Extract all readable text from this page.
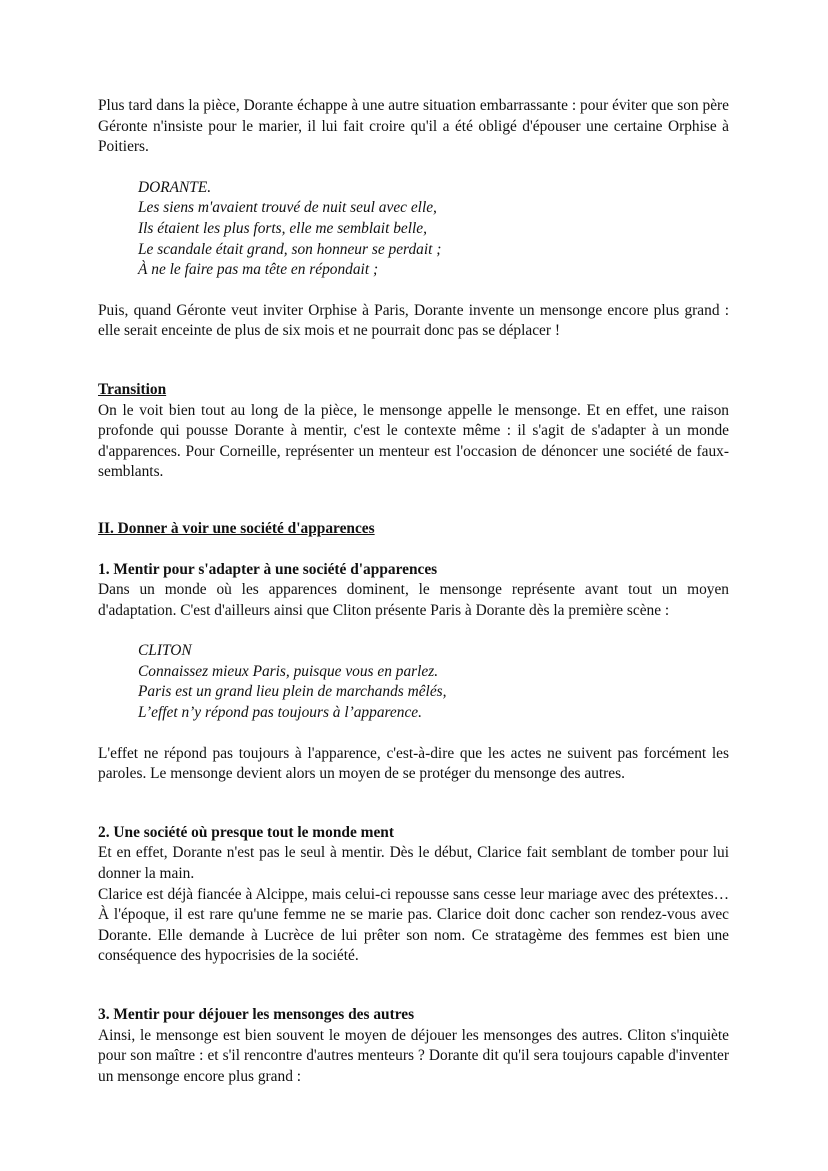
Plus tard dans la pièce, Dorante échappe à une autre situation embarrassante : pour éviter que son père Géronte n'insiste pour le marier, il lui fait croire qu'il a été obligé d'épouser une certaine Orphise à Poitiers.

DORANTE.
Les siens m'avaient trouvé de nuit seul avec elle,
Ils étaient les plus forts, elle me semblait belle,
Le scandale était grand, son honneur se perdait ;
À ne le faire pas ma tête en répondait ;

Puis, quand Géronte veut inviter Orphise à Paris, Dorante invente un mensonge encore plus grand : elle serait enceinte de plus de six mois et ne pourrait donc pas se déplacer !

Transition

On le voit bien tout au long de la pièce, le mensonge appelle le mensonge. Et en effet, une raison profonde qui pousse Dorante à mentir, c'est le contexte même : il s'agit de s'adapter à un monde d'apparences. Pour Corneille, représenter un menteur est l'occasion de dénoncer une société de faux-semblants.

II. Donner à voir une société d'apparences

1. Mentir pour s'adapter à une société d'apparences

Dans un monde où les apparences dominent, le mensonge représente avant tout un moyen d'adaptation. C'est d'ailleurs ainsi que Cliton présente Paris à Dorante dès la première scène :

CLITON
Connaissez mieux Paris, puisque vous en parlez.
Paris est un grand lieu plein de marchands mêlés,
L’effet n’y répond pas toujours à l’apparence.

L'effet ne répond pas toujours à l'apparence, c'est-à-dire que les actes ne suivent pas forcément les paroles. Le mensonge devient alors un moyen de se protéger du mensonge des autres.

2. Une société où presque tout le monde ment

Et en effet, Dorante n'est pas le seul à mentir. Dès le début, Clarice fait semblant de tomber pour lui donner la main.

Clarice est déjà fiancée à Alcippe, mais celui-ci repousse sans cesse leur mariage avec des prétextes… À l'époque, il est rare qu'une femme ne se marie pas. Clarice doit donc cacher son rendez-vous avec Dorante. Elle demande à Lucrèce de lui prêter son nom. Ce stratagème des femmes est bien une conséquence des hypocrisies de la société.

3. Mentir pour déjouer les mensonges des autres

Ainsi, le mensonge est bien souvent le moyen de déjouer les mensonges des autres. Cliton s'inquiète pour son maître : et s'il rencontre d'autres menteurs ? Dorante dit qu'il sera toujours capable d'inventer un mensonge encore plus grand :
